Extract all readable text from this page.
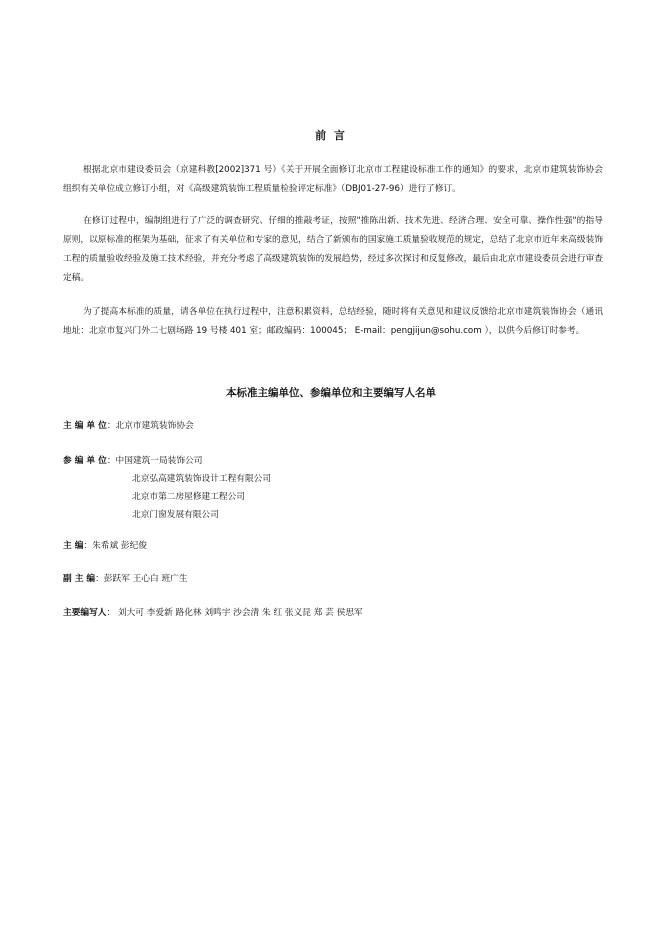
前 言

根据北京市建设委员会（京建科教[2002]371 号）《关于开展全面修订北京市工程建设标准工作的通知》的要求，北京市建筑装饰协会组织有关单位成立修订小组，对《高级建筑装饰工程质量检验评定标准》（DBJ01-27-96）进行了修订。

在修订过程中，编制组进行了广泛的调查研究、仔细的推敲考证，按照"推陈出新、技术先进、经济合理、安全可靠、操作性强"的指导原则，以原标准的框架为基础，征求了有关单位和专家的意见，结合了新颁布的国家施工质量验收规范的规定，总结了北京市近年来高级装饰工程的质量验收经验及施工技术经验，并充分考虑了高级建筑装饰的发展趋势，经过多次探讨和反复修改，最后由北京市建设委员会进行审查定稿。

为了提高本标准的质量，请各单位在执行过程中，注意积累资料，总结经验，随时将有关意见和建议反馈给北京市建筑装饰协会（通讯地址：北京市复兴门外二七剧场路 19 号楼 401 室；邮政编码：100045； E-mail：pengjijun@sohu.com ），以供今后修订时参考。

本标准主编单位、参编单位和主要编写人名单
主 编 单 位：北京市建筑装饰协会
参 编 单 位：中国建筑一局装饰公司
北京弘高建筑装饰设计工程有限公司
北京市第二房屋修建工程公司
北京门窗发展有限公司
主 编：朱希斌 彭纪俊
副 主 编：彭跃军 王心白 班广生
主要编写人： 刘大可 李爱新 路化林 刘鸣宇 沙会清 朱 红 张义昆 郑 芸 侯思军
